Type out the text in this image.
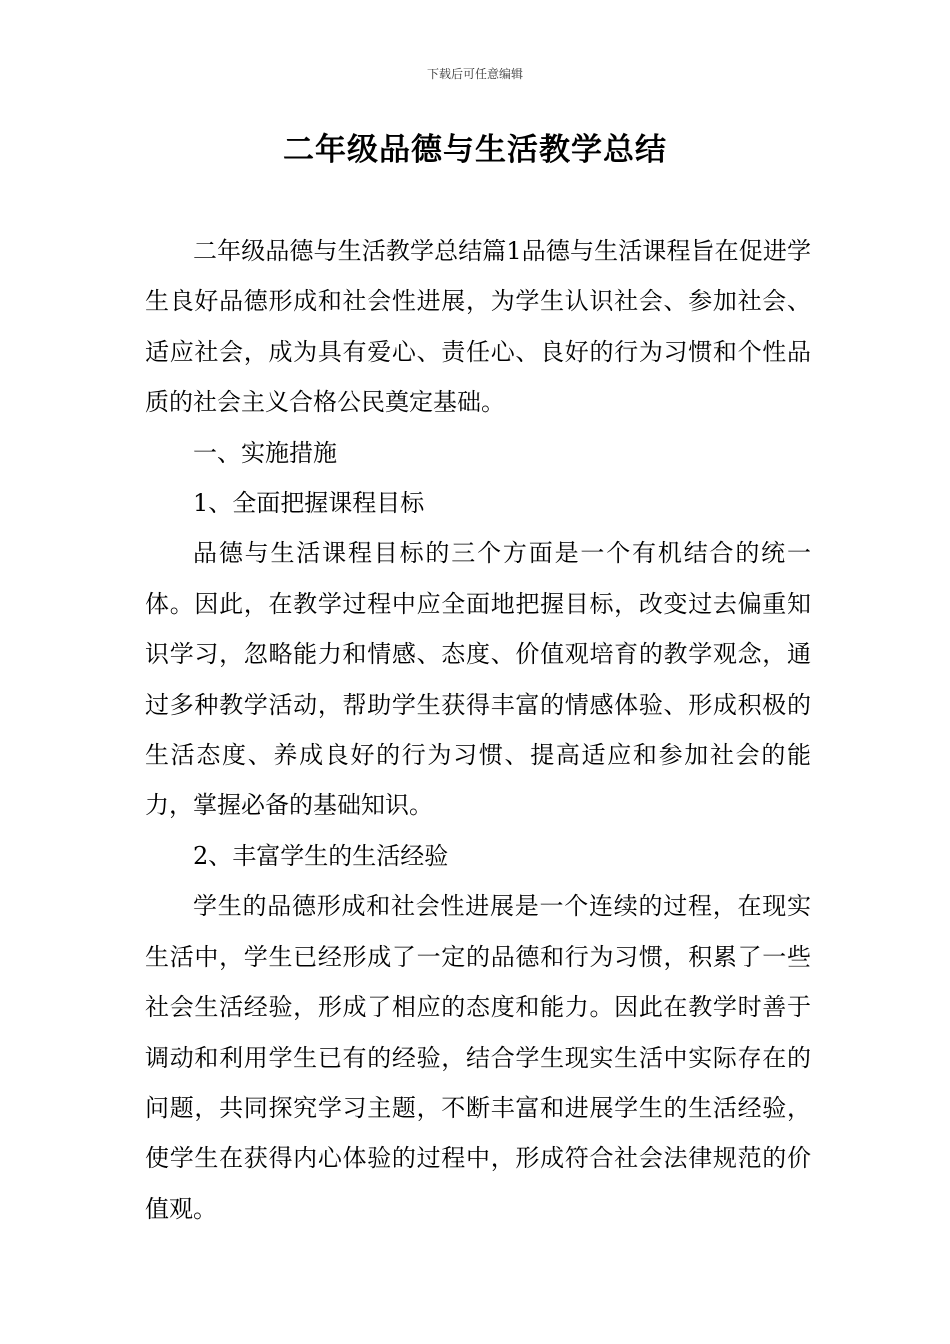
下载后可任意编辑
二年级品德与生活教学总结

二年级品德与生活教学总结篇1品德与生活课程旨在促进学生良好品德形成和社会性进展，为学生认识社会、参加社会、适应社会，成为具有爱心、责任心、良好的行为习惯和个性品质的社会主义合格公民奠定基础。

一、实施措施

1、全面把握课程目标

品德与生活课程目标的三个方面是一个有机结合的统一体。因此，在教学过程中应全面地把握目标，改变过去偏重知识学习，忽略能力和情感、态度、价值观培育的教学观念，通过多种教学活动，帮助学生获得丰富的情感体验、形成积极的生活态度、养成良好的行为习惯、提高适应和参加社会的能力，掌握必备的基础知识。

2、丰富学生的生活经验

学生的品德形成和社会性进展是一个连续的过程，在现实生活中，学生已经形成了一定的品德和行为习惯，积累了一些社会生活经验，形成了相应的态度和能力。因此在教学时善于调动和利用学生已有的经验，结合学生现实生活中实际存在的问题，共同探究学习主题，不断丰富和进展学生的生活经验，使学生在获得内心体验的过程中，形成符合社会法律规范的价值观。
